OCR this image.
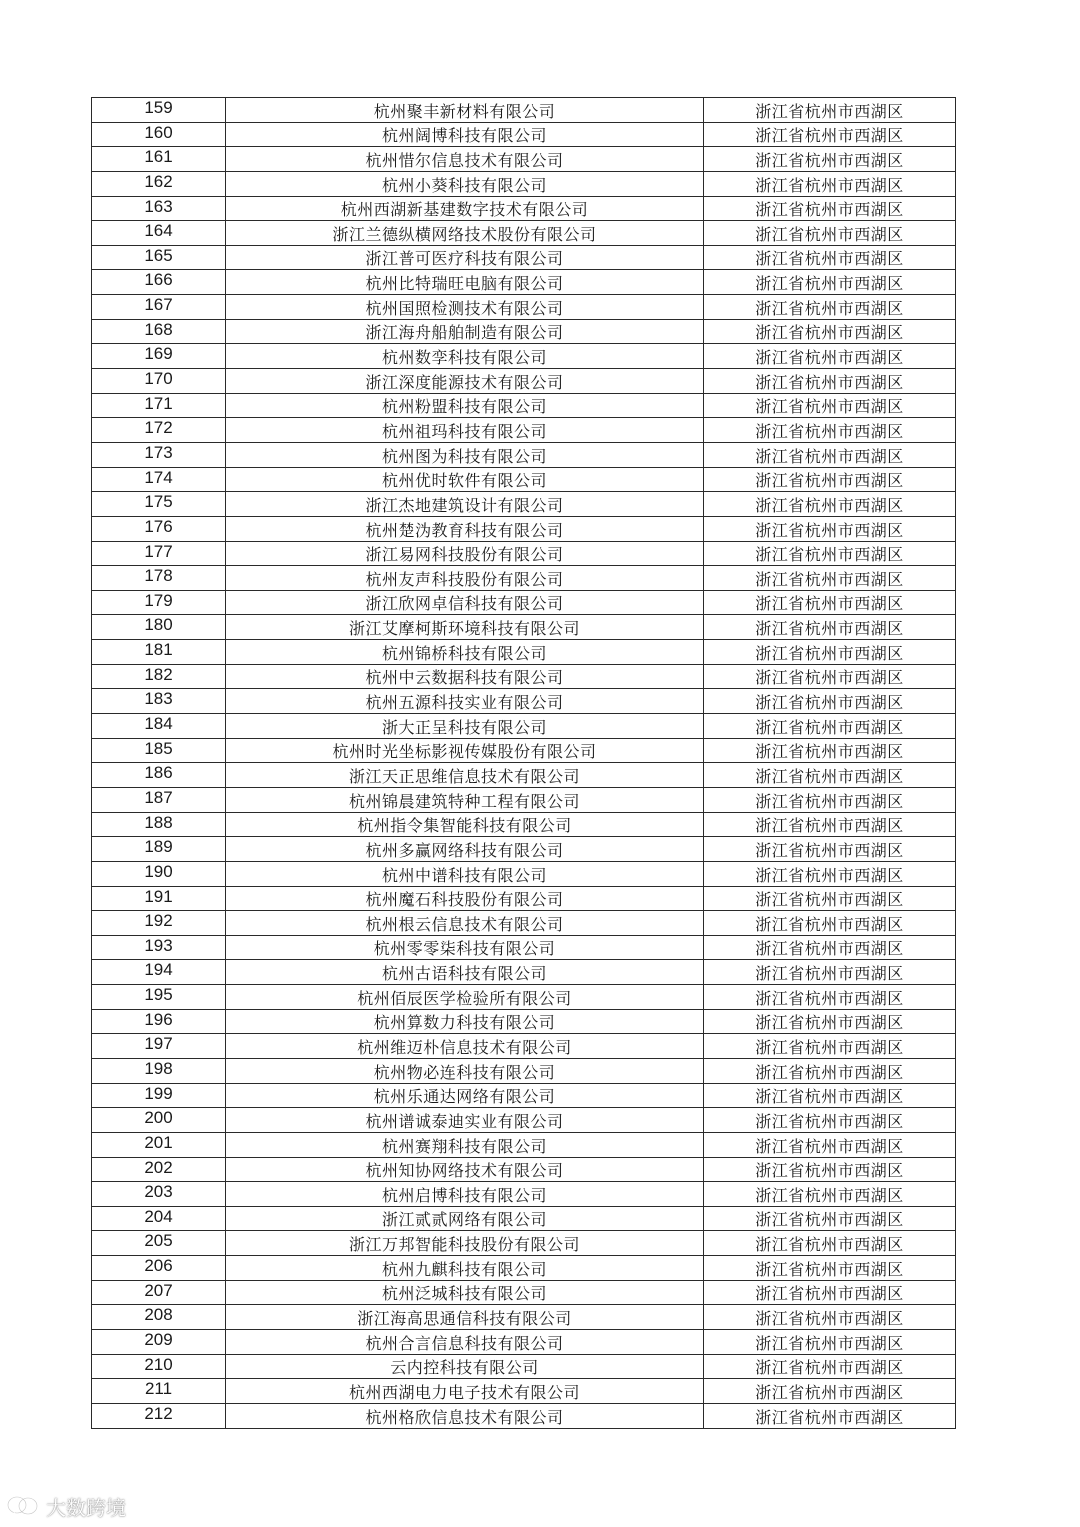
159	杭州聚丰新材料有限公司	浙江省杭州市西湖区
160	杭州阔博科技有限公司	浙江省杭州市西湖区
161	杭州惜尔信息技术有限公司	浙江省杭州市西湖区
162	杭州小葵科技有限公司	浙江省杭州市西湖区
163	杭州西湖新基建数字技术有限公司	浙江省杭州市西湖区
164	浙江兰德纵横网络技术股份有限公司	浙江省杭州市西湖区
165	浙江普可医疗科技有限公司	浙江省杭州市西湖区
166	杭州比特瑞旺电脑有限公司	浙江省杭州市西湖区
167	杭州国照检测技术有限公司	浙江省杭州市西湖区
168	浙江海舟船舶制造有限公司	浙江省杭州市西湖区
169	杭州数孪科技有限公司	浙江省杭州市西湖区
170	浙江深度能源技术有限公司	浙江省杭州市西湖区
171	杭州粉盟科技有限公司	浙江省杭州市西湖区
172	杭州祖玛科技有限公司	浙江省杭州市西湖区
173	杭州图为科技有限公司	浙江省杭州市西湖区
174	杭州优时软件有限公司	浙江省杭州市西湖区
175	浙江杰地建筑设计有限公司	浙江省杭州市西湖区
176	杭州楚沩教育科技有限公司	浙江省杭州市西湖区
177	浙江易网科技股份有限公司	浙江省杭州市西湖区
178	杭州友声科技股份有限公司	浙江省杭州市西湖区
179	浙江欣网卓信科技有限公司	浙江省杭州市西湖区
180	浙江艾摩柯斯环境科技有限公司	浙江省杭州市西湖区
181	杭州锦桥科技有限公司	浙江省杭州市西湖区
182	杭州中云数据科技有限公司	浙江省杭州市西湖区
183	杭州五源科技实业有限公司	浙江省杭州市西湖区
184	浙大正呈科技有限公司	浙江省杭州市西湖区
185	杭州时光坐标影视传媒股份有限公司	浙江省杭州市西湖区
186	浙江天正思维信息技术有限公司	浙江省杭州市西湖区
187	杭州锦晨建筑特种工程有限公司	浙江省杭州市西湖区
188	杭州指令集智能科技有限公司	浙江省杭州市西湖区
189	杭州多赢网络科技有限公司	浙江省杭州市西湖区
190	杭州中谱科技有限公司	浙江省杭州市西湖区
191	杭州魔石科技股份有限公司	浙江省杭州市西湖区
192	杭州根云信息技术有限公司	浙江省杭州市西湖区
193	杭州零零柒科技有限公司	浙江省杭州市西湖区
194	杭州古语科技有限公司	浙江省杭州市西湖区
195	杭州佰辰医学检验所有限公司	浙江省杭州市西湖区
196	杭州算数力科技有限公司	浙江省杭州市西湖区
197	杭州维迈朴信息技术有限公司	浙江省杭州市西湖区
198	杭州物必连科技有限公司	浙江省杭州市西湖区
199	杭州乐通达网络有限公司	浙江省杭州市西湖区
200	杭州谱诚泰迪实业有限公司	浙江省杭州市西湖区
201	杭州赛翔科技有限公司	浙江省杭州市西湖区
202	杭州知协网络技术有限公司	浙江省杭州市西湖区
203	杭州启博科技有限公司	浙江省杭州市西湖区
204	浙江贰贰网络有限公司	浙江省杭州市西湖区
205	浙江万邦智能科技股份有限公司	浙江省杭州市西湖区
206	杭州九麒科技有限公司	浙江省杭州市西湖区
207	杭州泛城科技有限公司	浙江省杭州市西湖区
208	浙江海高思通信科技有限公司	浙江省杭州市西湖区
209	杭州合言信息科技有限公司	浙江省杭州市西湖区
210	云内控科技有限公司	浙江省杭州市西湖区
211	杭州西湖电力电子技术有限公司	浙江省杭州市西湖区
212	杭州格欣信息技术有限公司	浙江省杭州市西湖区
大数跨境
